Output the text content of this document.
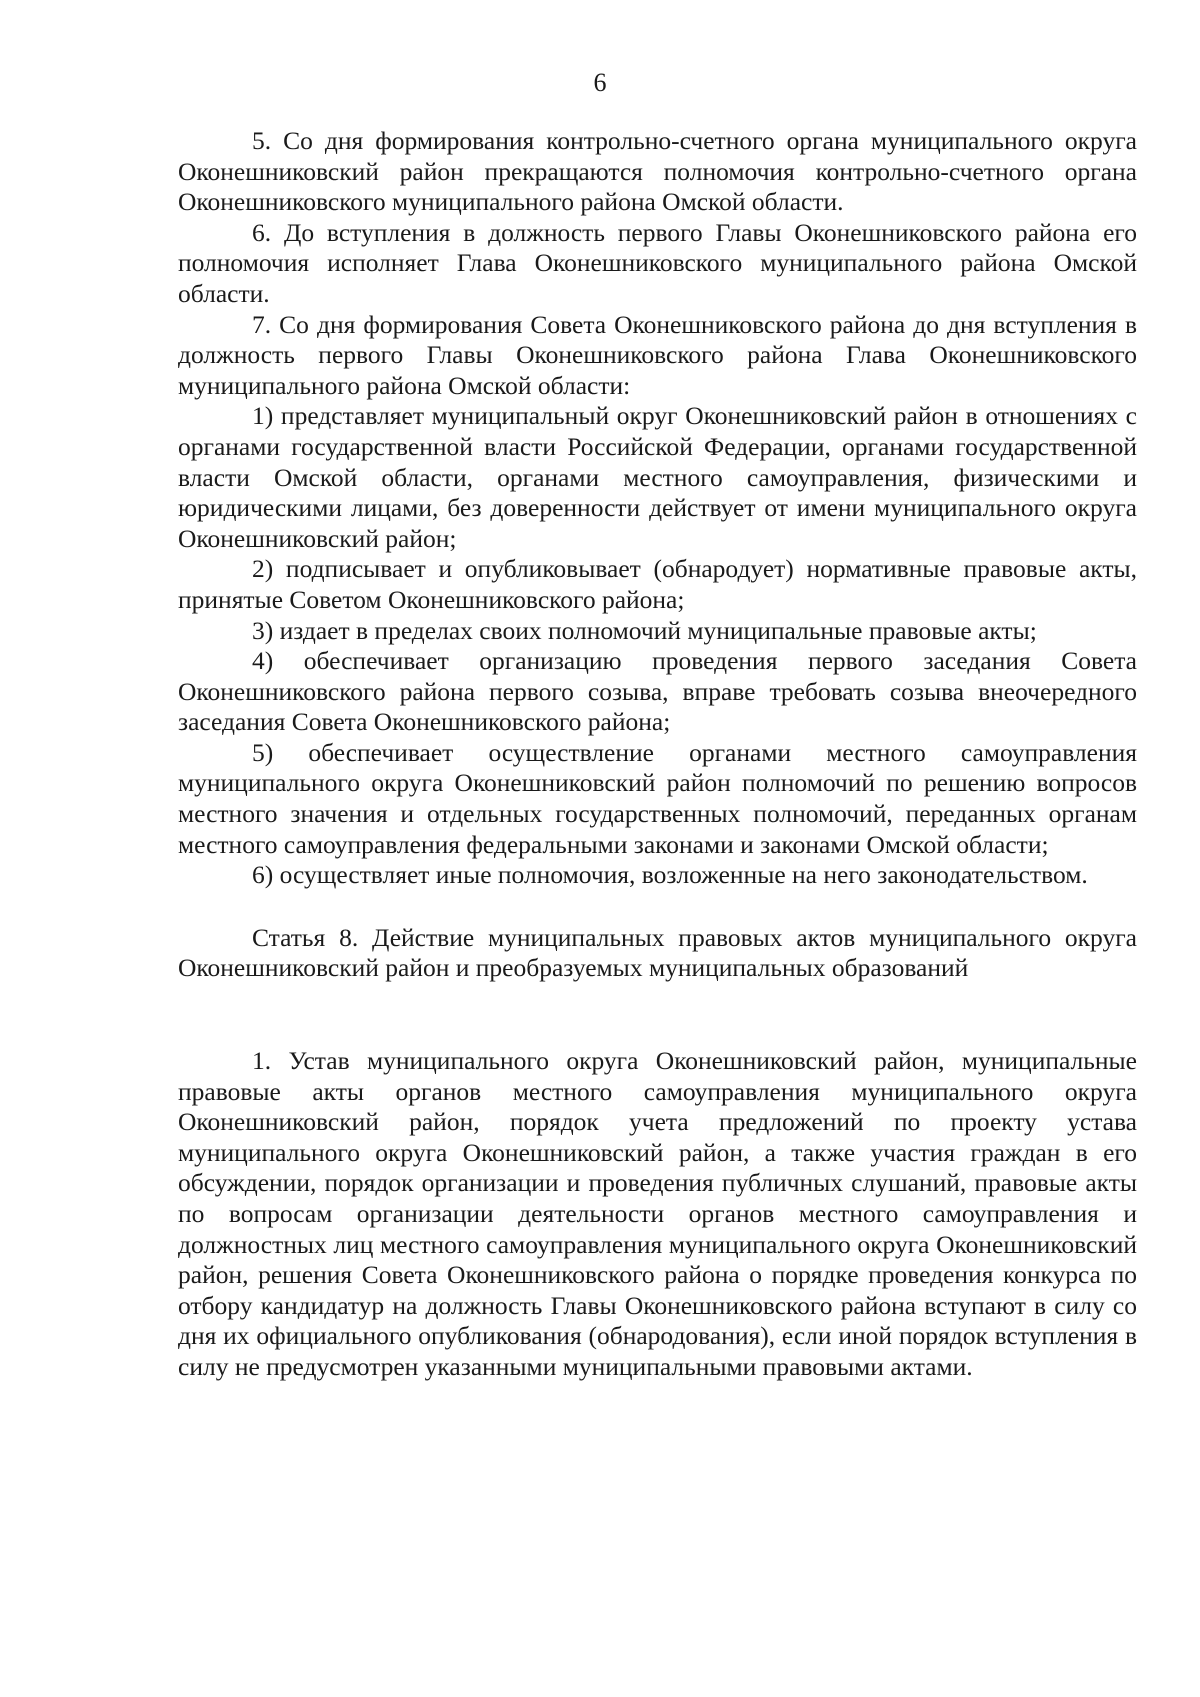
6

5. Со дня формирования контрольно-счетного органа муниципального округа Оконешниковский район прекращаются полномочия контрольно-счетного органа Оконешниковского муниципального района Омской области.

6. До вступления в должность первого Главы Оконешниковского района его полномочия исполняет Глава Оконешниковского муниципального района Омской области.

7. Со дня формирования Совета Оконешниковского района до дня вступления в должность первого Главы Оконешниковского района Глава Оконешниковского муниципального района Омской области:

1) представляет муниципальный округ Оконешниковский район в отношениях с органами государственной власти Российской Федерации, органами государственной власти Омской области, органами местного самоуправления, физическими и юридическими лицами, без доверенности действует от имени муниципального округа Оконешниковский район;

2) подписывает и опубликовывает (обнародует) нормативные правовые акты, принятые Советом Оконешниковского района;

3) издает в пределах своих полномочий муниципальные правовые акты;

4) обеспечивает организацию проведения первого заседания Совета Оконешниковского района первого созыва, вправе требовать созыва внеочередного заседания Совета Оконешниковского района;

5) обеспечивает осуществление органами местного самоуправления муниципального округа Оконешниковский район полномочий по решению вопросов местного значения и отдельных государственных полномочий, переданных органам местного самоуправления федеральными законами и законами Омской области;

6) осуществляет иные полномочия, возложенные на него законодательством.

Статья 8. Действие муниципальных правовых актов муниципального округа Оконешниковский район и преобразуемых муниципальных образований

1. Устав муниципального округа Оконешниковский район, муниципальные правовые акты органов местного самоуправления муниципального округа Оконешниковский район, порядок учета предложений по проекту устава муниципального округа Оконешниковский район, а также участия граждан в его обсуждении, порядок организации и проведения публичных слушаний, правовые акты по вопросам организации деятельности органов местного самоуправления и должностных лиц местного самоуправления муниципального округа Оконешниковский район, решения Совета Оконешниковского района о порядке проведения конкурса по отбору кандидатур на должность Главы Оконешниковского района вступают в силу со дня их официального опубликования (обнародования), если иной порядок вступления в силу не предусмотрен указанными муниципальными правовыми актами.
